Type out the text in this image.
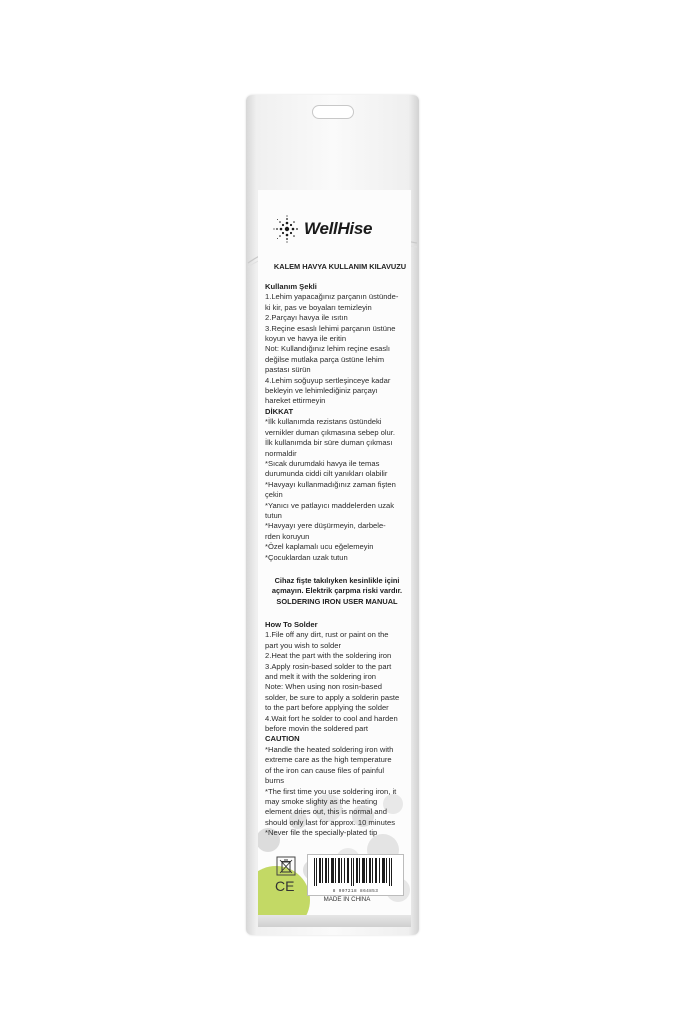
WellHise
KALEM HAVYA KULLANIM KILAVUZU
Kullanım Şekli
1.Lehim yapacağınız parçanın üstünde-
ki kir, pas ve boyaları temizleyin
2.Parçayı havya ile ısıtın
3.Reçine esaslı lehimi parçanın üstüne
koyun ve havya ile eritin
Not: Kullandığınız lehim reçine esaslı
değilse mutlaka parça üstüne lehim
pastası sürün
4.Lehim soğuyup sertleşinceye kadar
bekleyin ve lehimlediğiniz parçayı
hareket ettirmeyin
DİKKAT
*İlk kullanımda rezistans üstündeki
vernikler duman çıkmasına sebep olur.
İlk kullanımda bir süre duman çıkması
normaldir
*Sıcak durumdaki havya ile temas
durumunda ciddi cilt yanıkları olabilir
*Havyayı kullanmadığınız zaman fişten
çekin
*Yanıcı ve patlayıcı maddelerden uzak
tutun
*Havyayı yere düşürmeyin, darbele-
rden koruyun
*Özel kaplamalı ucu eğelemeyin
*Çocuklardan uzak tutun
Cihaz fişte takılıyken kesinlikle içini
açmayın. Elektrik çarpma riski vardır.
SOLDERING IRON USER MANUAL
How To Solder
1.File off any dirt, rust or paint on the
part you wish to solder
2.Heat the part with the soldering iron
3.Apply rosin-based solder to the part
and melt it with the soldering iron
Note: When using non rosin-based
solder, be sure to apply a solderin paste
to the part before applying the solder
4.Wait fort he solder to cool and harden
before movin the soldered part
CAUTION
*Handle the heated soldering iron with
extreme care as the high temperature
of the iron can cause files of painful
burns
*The first time you use soldering iron, it
may smoke slighty as the heating
element dries out, this is normal and
should only last for approx. 10 minutes
*Never file the specially-plated tip
CE	8 907218 864853
MADE IN CHINA
